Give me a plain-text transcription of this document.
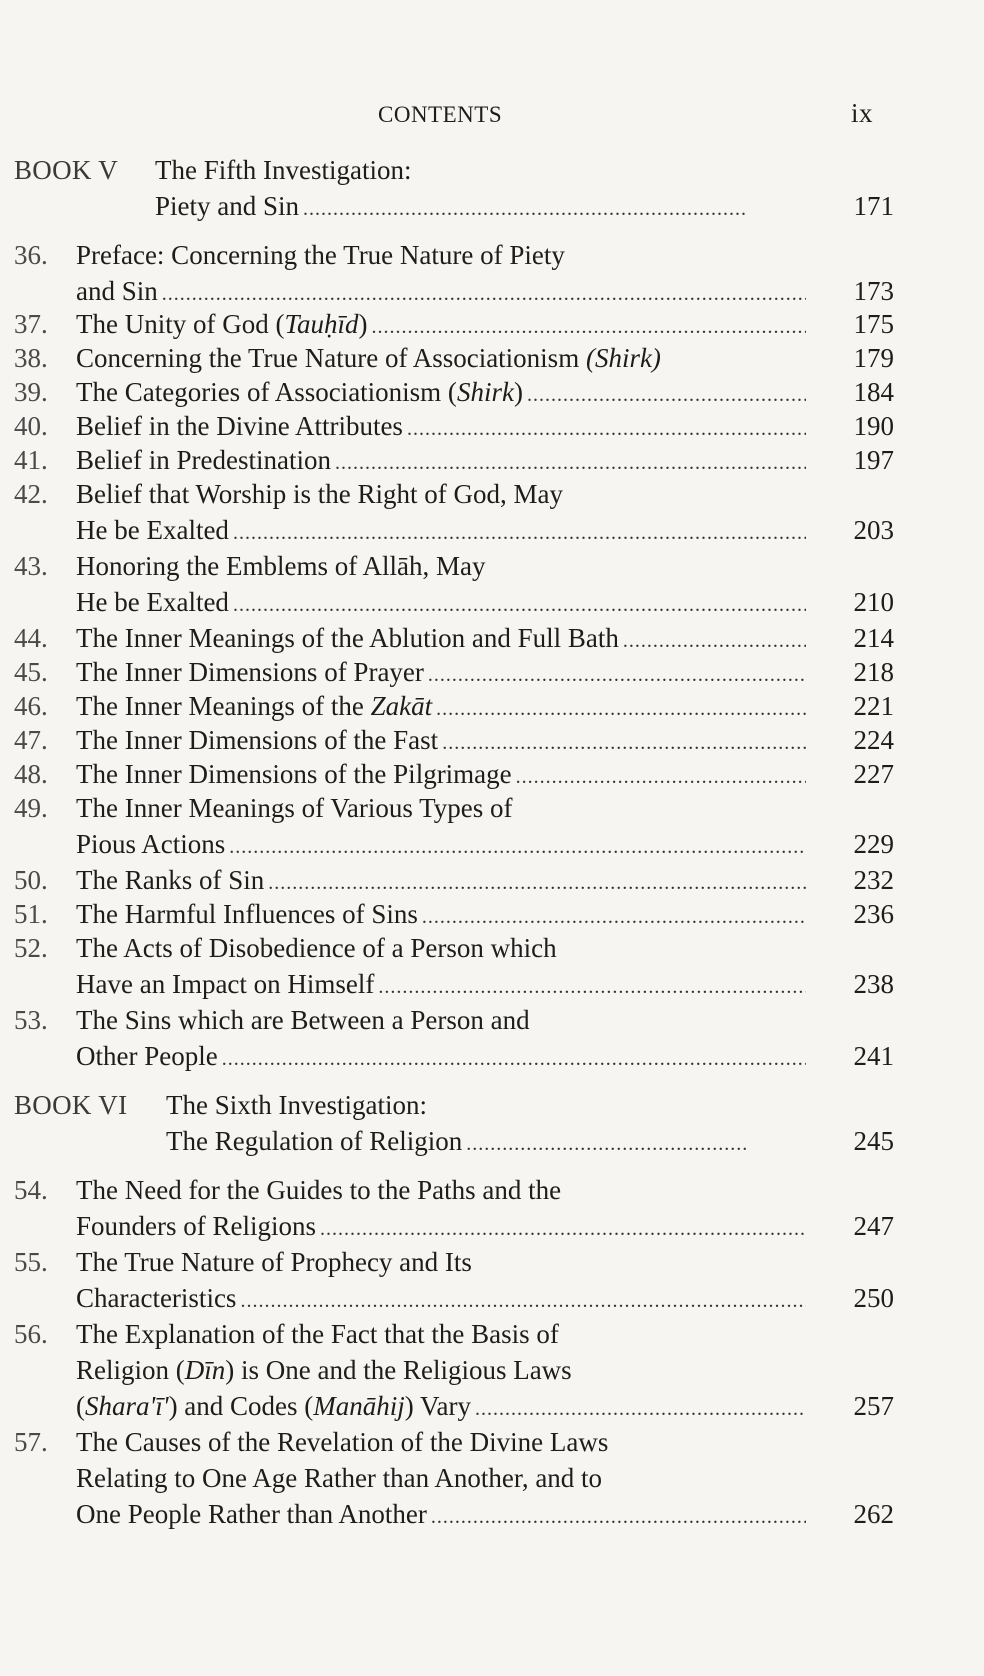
CONTENTS	ix
BOOK V The Fifth Investigation:
Piety and Sin .....	171
36.	Preface: Concerning the True Nature of Piety
and Sin .....	173
37.	The Unity of God (Tauḥīd) .....	175
38.	Concerning the True Nature of Associationism (Shirk)	179
39.	The Categories of Associationism (Shirk) .....	184
40.	Belief in the Divine Attributes .....	190
41.	Belief in Predestination .....	197
42.	Belief that Worship is the Right of God, May
He be Exalted .....	203
43.	Honoring the Emblems of Allāh, May
He be Exalted .....	210
44.	The Inner Meanings of the Ablution and Full Bath .....	214
45.	The Inner Dimensions of Prayer .....	218
46.	The Inner Meanings of the Zakāt .....	221
47.	The Inner Dimensions of the Fast .....	224
48.	The Inner Dimensions of the Pilgrimage .....	227
49.	The Inner Meanings of Various Types of
Pious Actions .....	229
50.	The Ranks of Sin .....	232
51.	The Harmful Influences of Sins .....	236
52.	The Acts of Disobedience of a Person which
Have an Impact on Himself .....	238
53.	The Sins which are Between a Person and
Other People .....	241
BOOK VI The Sixth Investigation:
The Regulation of Religion .....	245
54.	The Need for the Guides to the Paths and the
Founders of Religions .....	247
55.	The True Nature of Prophecy and Its
Characteristics .....	250
56.	The Explanation of the Fact that the Basis of
Religion (Dīn) is One and the Religious Laws
(Shara'ī') and Codes (Manāhij) Vary .....	257
57.	The Causes of the Revelation of the Divine Laws
Relating to One Age Rather than Another, and to
One People Rather than Another .....	262
